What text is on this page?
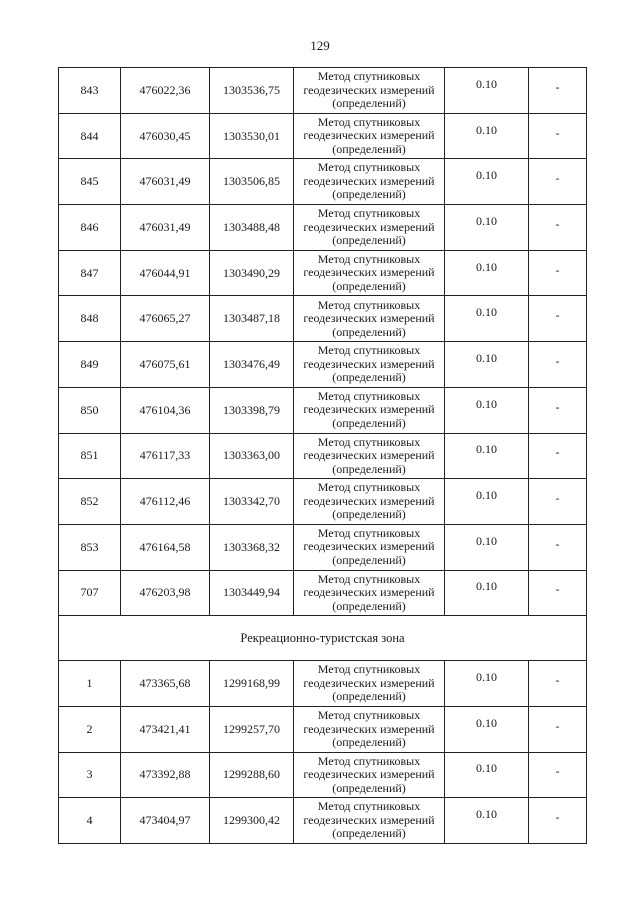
129
843	476022,36	1303536,75	Метод спутниковых
геодезических измерений
(определений)	0.10	-

844	476030,45	1303530,01	Метод спутниковых
геодезических измерений
(определений)	0.10	-

845	476031,49	1303506,85	Метод спутниковых
геодезических измерений
(определений)	0.10	-

846	476031,49	1303488,48	Метод спутниковых
геодезических измерений
(определений)	0.10	-

847	476044,91	1303490,29	Метод спутниковых
геодезических измерений
(определений)	0.10	-

848	476065,27	1303487,18	Метод спутниковых
геодезических измерений
(определений)	0.10	-

849	476075,61	1303476,49	Метод спутниковых
геодезических измерений
(определений)	0.10	-

850	476104,36	1303398,79	Метод спутниковых
геодезических измерений
(определений)	0.10	-

851	476117,33	1303363,00	Метод спутниковых
геодезических измерений
(определений)	0.10	-

852	476112,46	1303342,70	Метод спутниковых
геодезических измерений
(определений)	0.10	-

853	476164,58	1303368,32	Метод спутниковых
геодезических измерений
(определений)	0.10	-

707	476203,98	1303449,94	Метод спутниковых
геодезических измерений
(определений)	0.10	-

Рекреационно-туристская зона					
1	473365,68	1299168,99	Метод спутниковых
геодезических измерений
(определений)	0.10	-

2	473421,41	1299257,70	Метод спутниковых
геодезических измерений
(определений)	0.10	-

3	473392,88	1299288,60	Метод спутниковых
геодезических измерений
(определений)	0.10	-

4	473404,97	1299300,42	Метод спутниковых
геодезических измерений
(определений)	0.10	-
